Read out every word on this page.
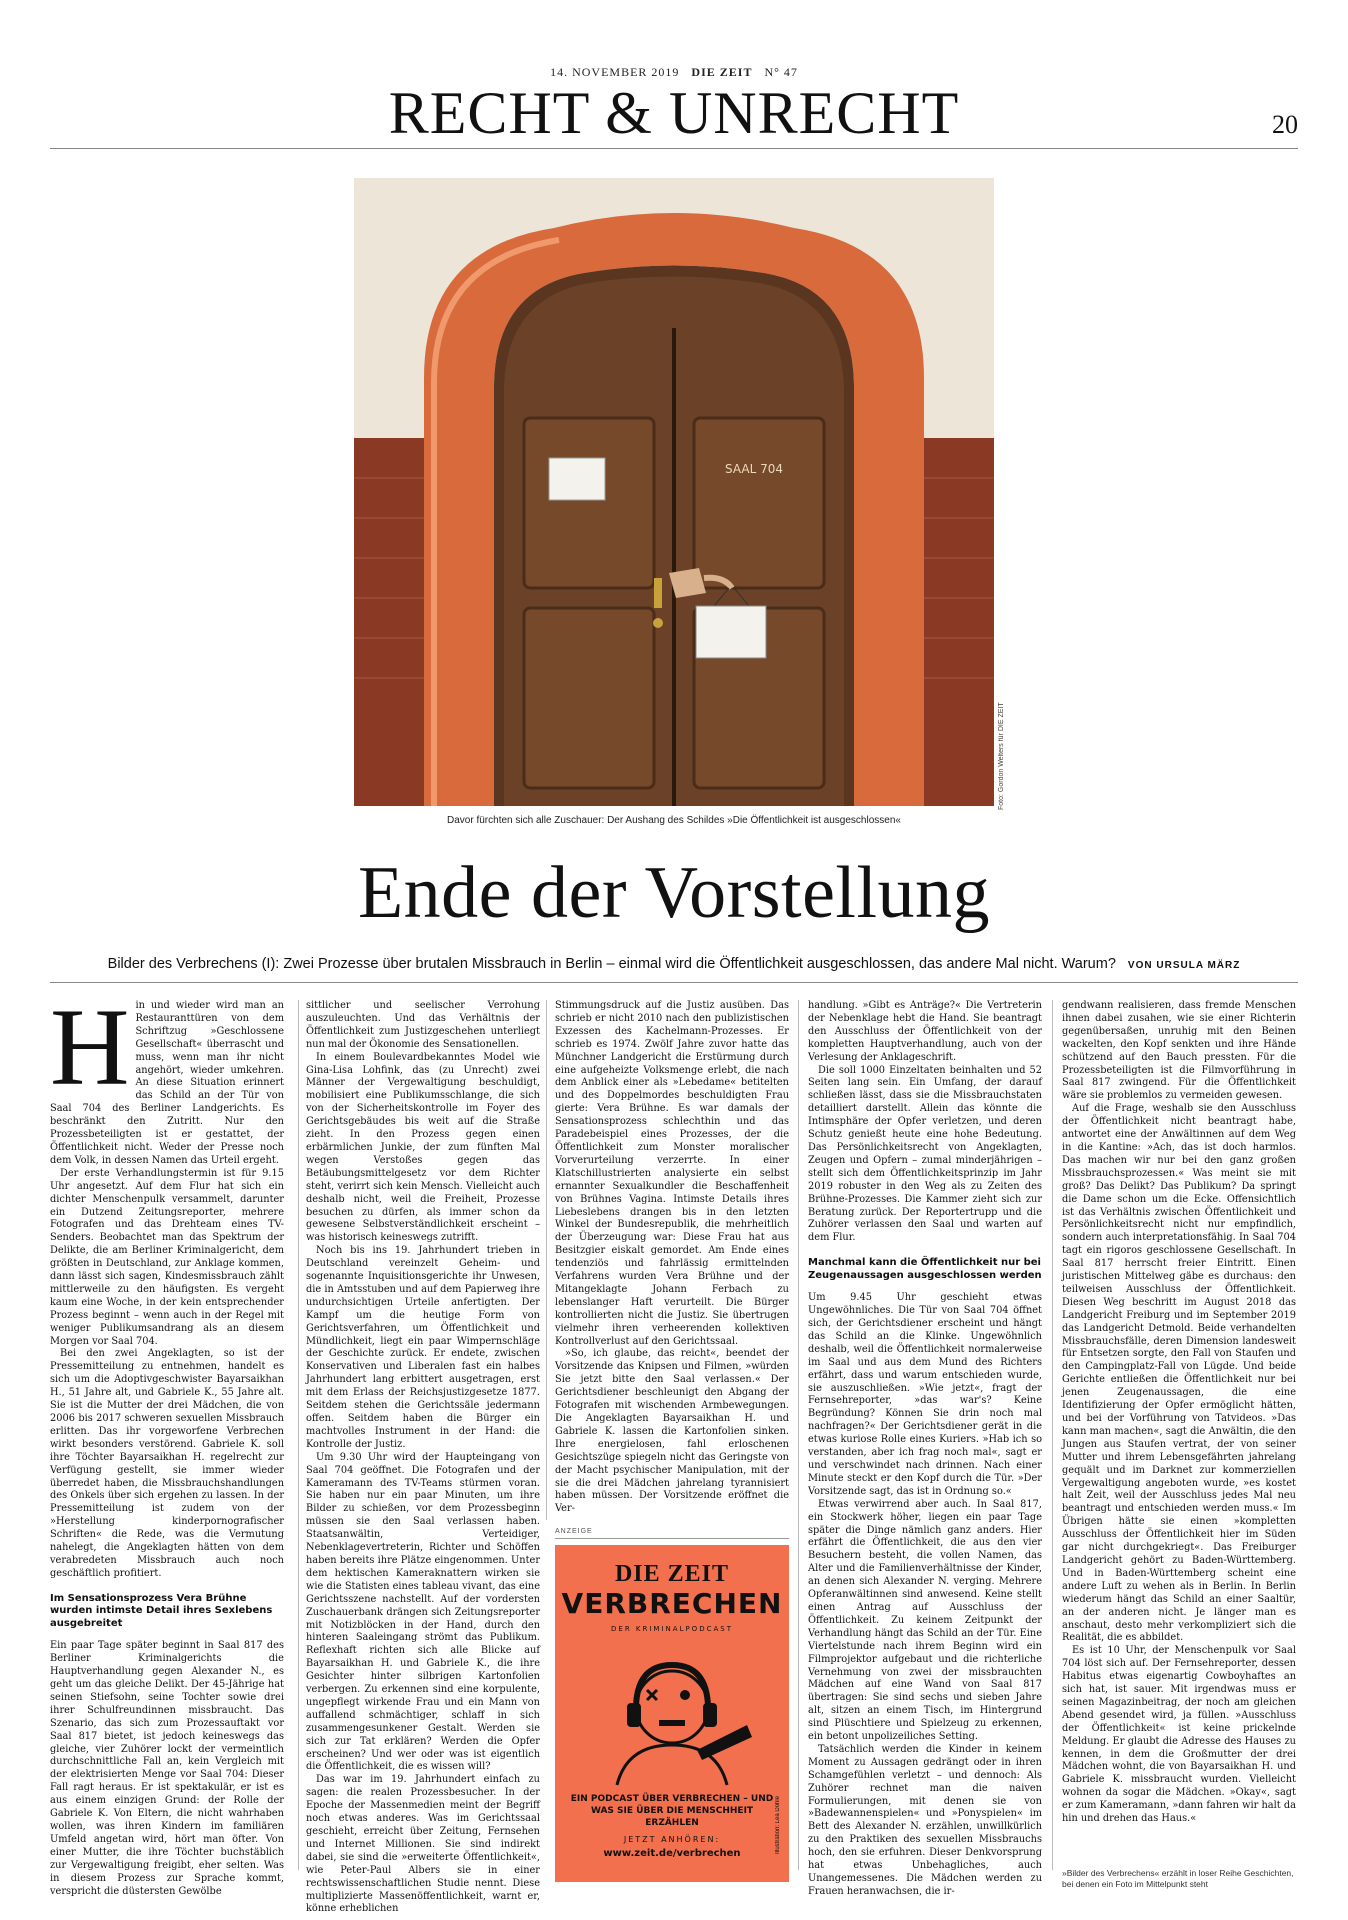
14. NOVEMBER 2019 DIE ZEIT N° 47
RECHT & UNRECHT	20
SAAL 704
Foto: Gordon Welters für DIE ZEIT
Davor fürchten sich alle Zuschauer: Der Aushang des Schildes »Die Öffentlichkeit ist ausgeschlossen«
Ende der Vorstellung
Bilder des Verbrechens (I): Zwei Prozesse über brutalen Missbrauch in Berlin – einmal wird die Öffentlichkeit ausgeschlossen, das andere Mal nicht. Warum? VON URSULA MÄRZ
H in und wieder wird man an Restauranttüren von dem Schriftzug »Geschlossene Gesellschaft« überrascht und muss, wenn man ihr nicht angehört, wieder umkehren. An diese Situation erinnert das Schild an der Tür von Saal 704 des Berliner Landgerichts. Es beschränkt den Zutritt. Nur den Prozessbeteiligten ist er gestattet, der Öffentlichkeit nicht. Weder der Presse noch dem Volk, in dessen Namen das Urteil ergeht.

Der erste Verhandlungstermin ist für 9.15 Uhr angesetzt. Auf dem Flur hat sich ein dichter Menschenpulk versammelt, darunter ein Dutzend Zeitungsreporter, mehrere Fotografen und das Drehteam eines TV-Senders. Beobachtet man das Spektrum der Delikte, die am Berliner Kriminalgericht, dem größten in Deutschland, zur Anklage kommen, dann lässt sich sagen, Kindesmissbrauch zählt mittlerweile zu den häufigsten. Es vergeht kaum eine Woche, in der kein entsprechender Prozess beginnt – wenn auch in der Regel mit weniger Publikumsandrang als an diesem Morgen vor Saal 704.

Bei den zwei Angeklagten, so ist der Pressemitteilung zu entnehmen, handelt es sich um die Adoptivgeschwister Bayarsaikhan H., 51 Jahre alt, und Gabriele K., 55 Jahre alt. Sie ist die Mutter der drei Mädchen, die von 2006 bis 2017 schweren sexuellen Missbrauch erlitten. Das ihr vorgeworfene Verbrechen wirkt besonders verstörend. Gabriele K. soll ihre Töchter Bayarsaikhan H. regelrecht zur Verfügung gestellt, sie immer wieder überredet haben, die Missbrauchshandlungen des Onkels über sich ergehen zu lassen. In der Pressemitteilung ist zudem von der »Herstellung kinderpornografischer Schriften« die Rede, was die Vermutung nahelegt, die Angeklagten hätten von dem verabredeten Missbrauch auch noch geschäftlich profitiert.

Im Sensationsprozess Vera Brühne wurden intimste Detail ihres Sexlebens ausgebreitet

Ein paar Tage später beginnt in Saal 817 des Berliner Kriminalgerichts die Hauptverhandlung gegen Alexander N., es geht um das gleiche Delikt. Der 45-Jährige hat seinen Stiefsohn, seine Tochter sowie drei ihrer Schulfreundinnen missbraucht. Das Szenario, das sich zum Prozessauftakt vor Saal 817 bietet, ist jedoch keineswegs das gleiche, vier Zuhörer lockt der vermeintlich durchschnittliche Fall an, kein Vergleich mit der elektrisierten Menge vor Saal 704: Dieser Fall ragt heraus. Er ist spektakulär, er ist es aus einem einzigen Grund: der Rolle der Gabriele K. Von Eltern, die nicht wahrhaben wollen, was ihren Kindern im familiären Umfeld angetan wird, hört man öfter. Von einer Mutter, die ihre Töchter buchstäblich zur Vergewaltigung freigibt, eher selten. Was in diesem Prozess zur Sprache kommt, verspricht die düstersten Gewölbe

sittlicher und seelischer Verrohung auszuleuchten. Und das Verhältnis der Öffentlichkeit zum Justizgeschehen unterliegt nun mal der Ökonomie des Sensationellen.

In einem Boulevardbekanntes Model wie Gina-Lisa Lohfink, das (zu Unrecht) zwei Männer der Vergewaltigung beschuldigt, mobilisiert eine Publikumsschlange, die sich von der Sicherheitskontrolle im Foyer des Gerichtsgebäudes bis weit auf die Straße zieht. In den Prozess gegen einen erbärmlichen Junkie, der zum fünften Mal wegen Verstoßes gegen das Betäubungsmittelgesetz vor dem Richter steht, verirrt sich kein Mensch. Vielleicht auch deshalb nicht, weil die Freiheit, Prozesse besuchen zu dürfen, als immer schon da gewesene Selbstverständlichkeit erscheint – was historisch keineswegs zutrifft.

Noch bis ins 19. Jahrhundert trieben in Deutschland vereinzelt Geheim- und sogenannte Inquisitionsgerichte ihr Unwesen, die in Amtsstuben und auf dem Papierweg ihre undurchsichtigen Urteile anfertigten. Der Kampf um die heutige Form von Gerichtsverfahren, um Öffentlichkeit und Mündlichkeit, liegt ein paar Wimpernschläge der Geschichte zurück. Er endete, zwischen Konservativen und Liberalen fast ein halbes Jahrhundert lang erbittert ausgetragen, erst mit dem Erlass der Reichsjustizgesetze 1877. Seitdem stehen die Gerichtssäle jedermann offen. Seitdem haben die Bürger ein machtvolles Instrument in der Hand: die Kontrolle der Justiz.

Um 9.30 Uhr wird der Haupteingang von Saal 704 geöffnet. Die Fotografen und der Kameramann des TV-Teams stürmen voran. Sie haben nur ein paar Minuten, um ihre Bilder zu schießen, vor dem Prozessbeginn müssen sie den Saal verlassen haben. Staatsanwältin, Verteidiger, Nebenklagevertreterin, Richter und Schöffen haben bereits ihre Plätze eingenommen. Unter dem hektischen Kameraknattern wirken sie wie die Statisten eines tableau vivant, das eine Gerichtsszene nachstellt. Auf der vordersten Zuschauerbank drängen sich Zeitungsreporter mit Notizblöcken in der Hand, durch den hinteren Saaleingang strömt das Publikum. Reflexhaft richten sich alle Blicke auf Bayarsaikhan H. und Gabriele K., die ihre Gesichter hinter silbrigen Kartonfolien verbergen. Zu erkennen sind eine korpulente, ungepflegt wirkende Frau und ein Mann von auffallend schmächtiger, schlaff in sich zusammengesunkener Gestalt. Werden sie sich zur Tat erklären? Werden die Opfer erscheinen? Und wer oder was ist eigentlich die Öffentlichkeit, die es wissen will?

Das war im 19. Jahrhundert einfach zu sagen: die realen Prozessbesucher. In der Epoche der Massenmedien meint der Begriff noch etwas anderes. Was im Gerichtssaal geschieht, erreicht über Zeitung, Fernsehen und Internet Millionen. Sie sind indirekt dabei, sie sind die »erweiterte Öffentlichkeit«, wie Peter-Paul Albers sie in einer rechtswissenschaftlichen Studie nennt. Diese multiplizierte Massenöffentlichkeit, warnt er, könne erheblichen

Stimmungsdruck auf die Justiz ausüben. Das schrieb er nicht 2010 nach den publizistischen Exzessen des Kachelmann-Prozesses. Er schrieb es 1974. Zwölf Jahre zuvor hatte das Münchner Landgericht die Erstürmung durch eine aufgeheizte Volksmenge erlebt, die nach dem Anblick einer als »Lebedame« betitelten und des Doppelmordes beschuldigten Frau gierte: Vera Brühne. Es war damals der Sensationsprozess schlechthin und das Paradebeispiel eines Prozesses, der die Öffentlichkeit zum Monster moralischer Vorverurteilung verzerrte. In einer Klatschillustrierten analysierte ein selbst ernannter Sexualkundler die Beschaffenheit von Brühnes Vagina. Intimste Details ihres Liebeslebens drangen bis in den letzten Winkel der Bundesrepublik, die mehrheitlich der Überzeugung war: Diese Frau hat aus Besitzgier eiskalt gemordet. Am Ende eines tendenziös und fahrlässig ermittelnden Verfahrens wurden Vera Brühne und der Mitangeklagte Johann Ferbach zu lebenslanger Haft verurteilt. Die Bürger kontrollierten nicht die Justiz. Sie übertrugen vielmehr ihren verheerenden kollektiven Kontrollverlust auf den Gerichtssaal.

»So, ich glaube, das reicht«, beendet der Vorsitzende das Knipsen und Filmen, »würden Sie jetzt bitte den Saal verlassen.« Der Gerichtsdiener beschleunigt den Abgang der Fotografen mit wischenden Armbewegungen. Die Angeklagten Bayarsaikhan H. und Gabriele K. lassen die Kartonfolien sinken. Ihre energielosen, fahl erloschenen Gesichtszüge spiegeln nicht das Geringste von der Macht psychischer Manipulation, mit der sie die drei Mädchen jahrelang tyrannisiert haben müssen. Der Vorsitzende eröffnet die Ver-

ANZEIGE
DIE ZEIT
VERBRECHEN
DER KRIMINALPODCAST
Illustration: Lea Dohle
EIN PODCAST ÜBER VERBRECHEN – UND WAS SIE ÜBER DIE MENSCHHEIT ERZÄHLEN
JETZT ANHÖREN:
www.zeit.de/verbrechen

handlung. »Gibt es Anträge?« Die Vertreterin der Nebenklage hebt die Hand. Sie beantragt den Ausschluss der Öffentlichkeit von der kompletten Hauptverhandlung, auch von der Verlesung der Anklageschrift.

Die soll 1000 Einzeltaten beinhalten und 52 Seiten lang sein. Ein Umfang, der darauf schließen lässt, dass sie die Missbrauchstaten detailliert darstellt. Allein das könnte die Intimsphäre der Opfer verletzen, und deren Schutz genießt heute eine hohe Bedeutung. Das Persönlichkeitsrecht von Angeklagten, Zeugen und Opfern – zumal minderjährigen – stellt sich dem Öffentlichkeitsprinzip im Jahr 2019 robuster in den Weg als zu Zeiten des Brühne-Prozesses. Die Kammer zieht sich zur Beratung zurück. Der Reportertrupp und die Zuhörer verlassen den Saal und warten auf dem Flur.

Manchmal kann die Öffentlichkeit nur bei Zeugenaussagen ausgeschlossen werden

Um 9.45 Uhr geschieht etwas Ungewöhnliches. Die Tür von Saal 704 öffnet sich, der Gerichtsdiener erscheint und hängt das Schild an die Klinke. Ungewöhnlich deshalb, weil die Öffentlichkeit normalerweise im Saal und aus dem Mund des Richters erfährt, dass und warum entschieden wurde, sie auszuschließen. »Wie jetzt«, fragt der Fernsehreporter, »das war's? Keine Begründung? Können Sie drin noch mal nachfragen?« Der Gerichtsdiener gerät in die etwas kuriose Rolle eines Kuriers. »Hab ich so verstanden, aber ich frag noch mal«, sagt er und verschwindet nach drinnen. Nach einer Minute steckt er den Kopf durch die Tür. »Der Vorsitzende sagt, das ist in Ordnung so.«

Etwas verwirrend aber auch. In Saal 817, ein Stockwerk höher, liegen ein paar Tage später die Dinge nämlich ganz anders. Hier erfährt die Öffentlichkeit, die aus den vier Besuchern besteht, die vollen Namen, das Alter und die Familienverhältnisse der Kinder, an denen sich Alexander N. verging. Mehrere Opferanwältinnen sind anwesend. Keine stellt einen Antrag auf Ausschluss der Öffentlichkeit. Zu keinem Zeitpunkt der Verhandlung hängt das Schild an der Tür. Eine Viertelstunde nach ihrem Beginn wird ein Filmprojektor aufgebaut und die richterliche Vernehmung von zwei der missbrauchten Mädchen auf eine Wand von Saal 817 übertragen: Sie sind sechs und sieben Jahre alt, sitzen an einem Tisch, im Hintergrund sind Plüschtiere und Spielzeug zu erkennen, ein betont unpolizeiliches Setting.

Tatsächlich werden die Kinder in keinem Moment zu Aussagen gedrängt oder in ihren Schamgefühlen verletzt – und dennoch: Als Zuhörer rechnet man die naiven Formulierungen, mit denen sie von »Badewannenspielen« und »Ponyspielen« im Bett des Alexander N. erzählen, unwillkürlich zu den Praktiken des sexuellen Missbrauchs hoch, den sie erfuhren. Dieser Denkvorsprung hat etwas Unbehagliches, auch Unangemessenes. Die Mädchen werden zu Frauen heranwachsen, die ir-

gendwann realisieren, dass fremde Menschen ihnen dabei zusahen, wie sie einer Richterin gegenübersaßen, unruhig mit den Beinen wackelten, den Kopf senkten und ihre Hände schützend auf den Bauch pressten. Für die Prozessbeteiligten ist die Filmvorführung in Saal 817 zwingend. Für die Öffentlichkeit wäre sie problemlos zu vermeiden gewesen.

Auf die Frage, weshalb sie den Ausschluss der Öffentlichkeit nicht beantragt habe, antwortet eine der Anwältinnen auf dem Weg in die Kantine: »Ach, das ist doch harmlos. Das machen wir nur bei den ganz großen Missbrauchsprozessen.« Was meint sie mit groß? Das Delikt? Das Publikum? Da springt die Dame schon um die Ecke. Offensichtlich ist das Verhältnis zwischen Öffentlichkeit und Persönlichkeitsrecht nicht nur empfindlich, sondern auch interpretationsfähig. In Saal 704 tagt ein rigoros geschlossene Gesellschaft. In Saal 817 herrscht freier Eintritt. Einen juristischen Mittelweg gäbe es durchaus: den teilweisen Ausschluss der Öffentlichkeit. Diesen Weg beschritt im August 2018 das Landgericht Freiburg und im September 2019 das Landgericht Detmold. Beide verhandelten Missbrauchsfälle, deren Dimension landesweit für Entsetzen sorgte, den Fall von Staufen und den Campingplatz-Fall von Lügde. Und beide Gerichte entließen die Öffentlichkeit nur bei jenen Zeugenaussagen, die eine Identifizierung der Opfer ermöglicht hätten, und bei der Vorführung von Tatvideos. »Das kann man machen«, sagt die Anwältin, die den Jungen aus Staufen vertrat, der von seiner Mutter und ihrem Lebensgefährten jahrelang gequält und im Darknet zur kommerziellen Vergewaltigung angeboten wurde, »es kostet halt Zeit, weil der Ausschluss jedes Mal neu beantragt und entschieden werden muss.« Im Übrigen hätte sie einen »kompletten Ausschluss der Öffentlichkeit hier im Süden gar nicht durchgekriegt«. Das Freiburger Landgericht gehört zu Baden-Württemberg. Und in Baden-Württemberg scheint eine andere Luft zu wehen als in Berlin. In Berlin wiederum hängt das Schild an einer Saaltür, an der anderen nicht. Je länger man es anschaut, desto mehr verkompliziert sich die Realität, die es abbildet.

Es ist 10 Uhr, der Menschenpulk vor Saal 704 löst sich auf. Der Fernsehreporter, dessen Habitus etwas eigenartig Cowboyhaftes an sich hat, ist sauer. Mit irgendwas muss er seinen Magazinbeitrag, der noch am gleichen Abend gesendet wird, ja füllen. »Ausschluss der Öffentlichkeit« ist keine prickelnde Meldung. Er glaubt die Adresse des Hauses zu kennen, in dem die Großmutter der drei Mädchen wohnt, die von Bayarsaikhan H. und Gabriele K. missbraucht wurden. Vielleicht wohnen da sogar die Mädchen. »Okay«, sagt er zum Kameramann, »dann fahren wir halt da hin und drehen das Haus.«

»Bilder des Verbrechens« erzählt in loser Reihe Geschichten, bei denen ein Foto im Mittelpunkt steht
